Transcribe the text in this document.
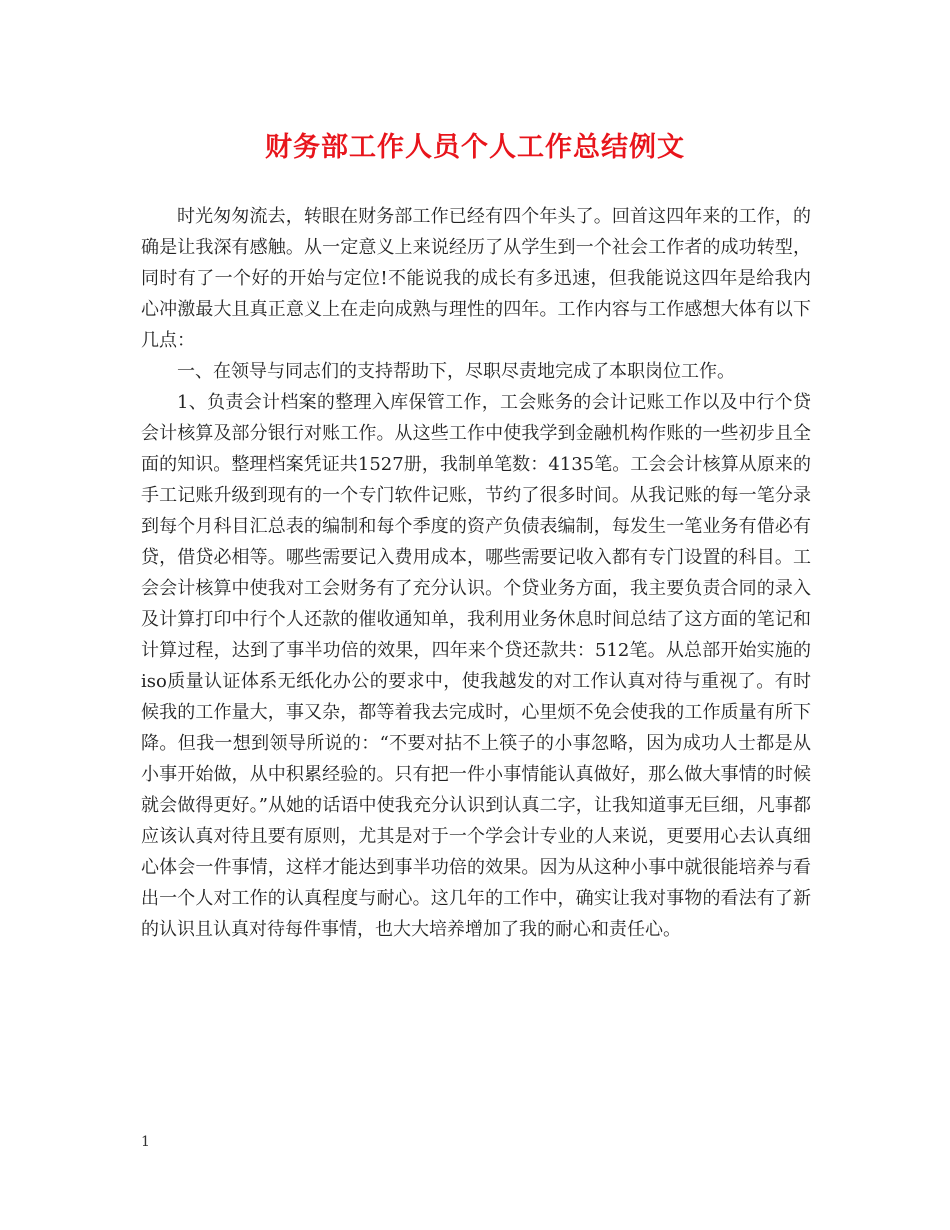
财务部工作人员个人工作总结例文

时光匆匆流去，转眼在财务部工作已经有四个年头了。回首这四年来的工作，的确是让我深有感触。从一定意义上来说经历了从学生到一个社会工作者的成功转型，同时有了一个好的开始与定位!不能说我的成长有多迅速，但我能说这四年是给我内心冲激最大且真正意义上在走向成熟与理性的四年。工作内容与工作感想大体有以下几点：

一、在领导与同志们的支持帮助下，尽职尽责地完成了本职岗位工作。

1、负责会计档案的整理入库保管工作，工会账务的会计记账工作以及中行个贷会计核算及部分银行对账工作。从这些工作中使我学到金融机构作账的一些初步且全面的知识。整理档案凭证共1527册，我制单笔数：4135笔。工会会计核算从原来的手工记账升级到现有的一个专门软件记账，节约了很多时间。从我记账的每一笔分录到每个月科目汇总表的编制和每个季度的资产负债表编制，每发生一笔业务有借必有贷，借贷必相等。哪些需要记入费用成本，哪些需要记收入都有专门设置的科目。工会会计核算中使我对工会财务有了充分认识。个贷业务方面，我主要负责合同的录入及计算打印中行个人还款的催收通知单，我利用业务休息时间总结了这方面的笔记和计算过程，达到了事半功倍的效果，四年来个贷还款共：512笔。从总部开始实施的iso质量认证体系无纸化办公的要求中，使我越发的对工作认真对待与重视了。有时候我的工作量大，事又杂，都等着我去完成时，心里烦不免会使我的工作质量有所下降。但我一想到领导所说的：“不要对拈不上筷子的小事忽略，因为成功人士都是从小事开始做，从中积累经验的。只有把一件小事情能认真做好，那么做大事情的时候就会做得更好。”从她的话语中使我充分认识到认真二字，让我知道事无巨细，凡事都应该认真对待且要有原则，尤其是对于一个学会计专业的人来说，更要用心去认真细心体会一件事情，这样才能达到事半功倍的效果。因为从这种小事中就很能培养与看出一个人对工作的认真程度与耐心。这几年的工作中，确实让我对事物的看法有了新的认识且认真对待每件事情，也大大培养增加了我的耐心和责任心。

1
